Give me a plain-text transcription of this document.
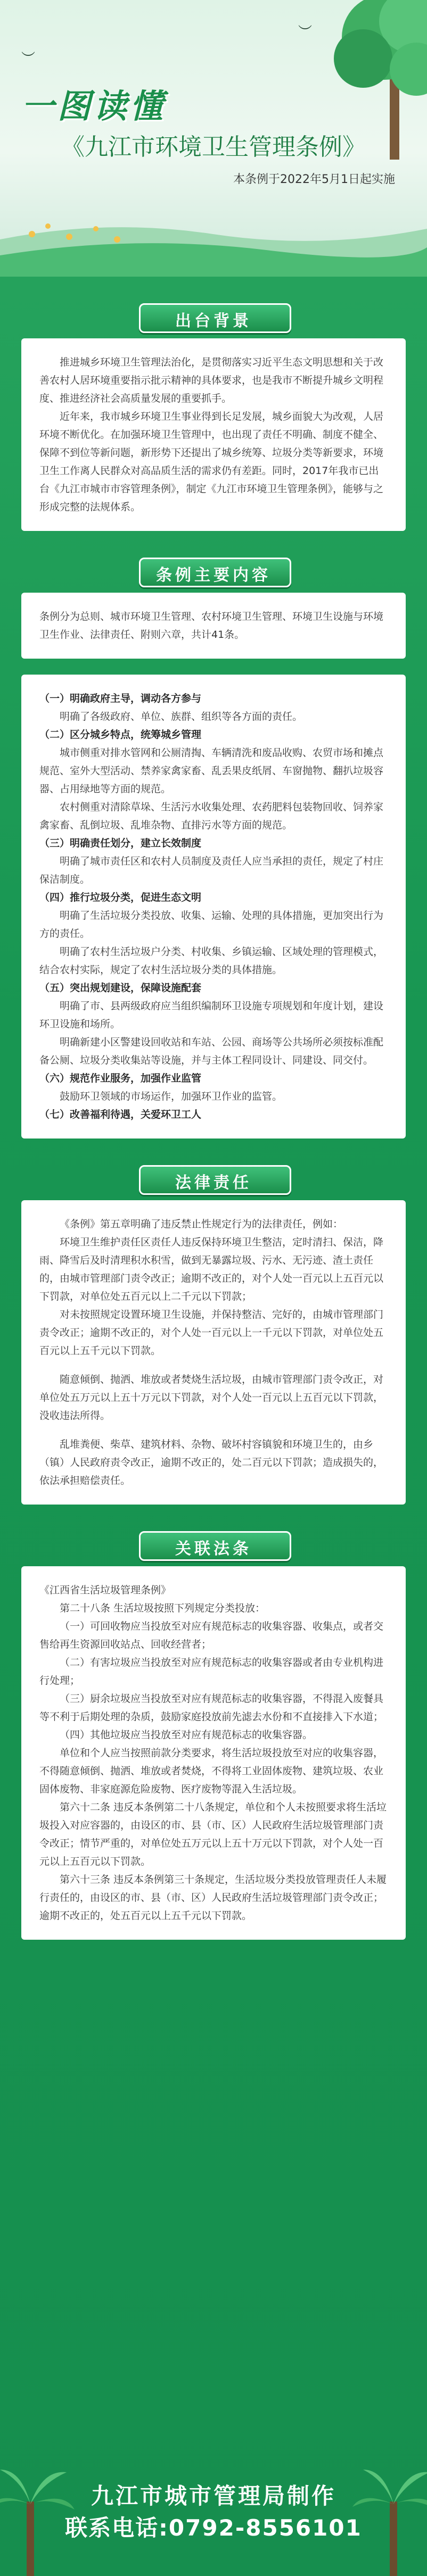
︶
︶
一图读懂
《九江市环境卫生管理条例》
本条例于2022年5月1日起实施
出台背景

推进城乡环境卫生管理法治化，是贯彻落实习近平生态文明思想和关于改善农村人居环境重要指示批示精神的具体要求，也是我市不断提升城乡文明程度、推进经济社会高质量发展的重要抓手。

近年来，我市城乡环境卫生事业得到长足发展，城乡面貌大为改观，人居环境不断优化。在加强环境卫生管理中，也出现了责任不明确、制度不健全、保障不到位等新问题，新形势下还提出了城乡统筹、垃圾分类等新要求，环境卫生工作离人民群众对高品质生活的需求仍有差距。同时，2017年我市已出台《九江市城市市容管理条例》，制定《九江市环境卫生管理条例》，能够与之形成完整的法规体系。

条例主要内容

条例分为总则、城市环境卫生管理、农村环境卫生管理、环境卫生设施与环境卫生作业、法律责任、附则六章，共计41条。

（一）明确政府主导，调动各方参与

明确了各级政府、单位、族群、组织等各方面的责任。

（二）区分城乡特点，统筹城乡管理

城市侧重对排水管网和公厕清掏、车辆清洗和废品收购、农贸市场和摊点规范、室外大型活动、禁养家禽家畜、乱丢果皮纸屑、车窗抛物、翻扒垃圾容器、占用绿地等方面的规范。

农村侧重对清除草垛、生活污水收集处理、农药肥料包装物回收、饲养家禽家畜、乱倒垃圾、乱堆杂物、直排污水等方面的规范。

（三）明确责任划分，建立长效制度

明确了城市责任区和农村人员制度及责任人应当承担的责任，规定了村庄保洁制度。

（四）推行垃圾分类，促进生态文明

明确了生活垃圾分类投放、收集、运输、处理的具体措施，更加突出行为方的责任。

明确了农村生活垃圾户分类、村收集、乡镇运输、区域处理的管理模式，结合农村实际，规定了农村生活垃圾分类的具体措施。

（五）突出规划建设，保障设施配套

明确了市、县两级政府应当组织编制环卫设施专项规划和年度计划，建设环卫设施和场所。

明确新建小区警建设回收站和车站、公园、商场等公共场所必须按标准配备公厕、垃圾分类收集站等设施，并与主体工程同设计、同建设、同交付。

（六）规范作业服务，加强作业监管

鼓励环卫领域的市场运作，加强环卫作业的监管。

（七）改善福利待遇，关爱环卫工人

法律责任

《条例》第五章明确了违反禁止性规定行为的法律责任，例如：

环境卫生维护责任区责任人违反保持环境卫生整洁，定时清扫、保洁，降雨、降雪后及时清理积水积雪，做到无暴露垃圾、污水、无污迹、渣土责任的，由城市管理部门责令改正；逾期不改正的，对个人处一百元以上五百元以下罚款，对单位处五百元以上二千元以下罚款；

对未按照规定设置环境卫生设施，并保持整洁、完好的，由城市管理部门责令改正；逾期不改正的，对个人处一百元以上一千元以下罚款，对单位处五百元以上五千元以下罚款。

随意倾倒、抛洒、堆放或者焚烧生活垃圾，由城市管理部门责令改正，对单位处五万元以上五十万元以下罚款，对个人处一百元以上五百元以下罚款，没收违法所得。

乱堆粪便、柴草、建筑材料、杂物、破坏村容镇貌和环境卫生的，由乡（镇）人民政府责令改正，逾期不改正的，处二百元以下罚款；造成损失的，依法承担赔偿责任。

关联法条

《江西省生活垃圾管理条例》

第二十八条 生活垃圾按照下列规定分类投放：

（一）可回收物应当投放至对应有规范标志的收集容器、收集点，或者交售给再生资源回收站点、回收经营者；

（二）有害垃圾应当投放至对应有规范标志的收集容器或者由专业机构进行处理；

（三）厨余垃圾应当投放至对应有规范标志的收集容器，不得混入废餐具等不利于后期处理的杂质，鼓励家庭投放前先滤去水份和不直接排入下水道；

（四）其他垃圾应当投放至对应有规范标志的收集容器。

单位和个人应当按照前款分类要求，将生活垃圾投放至对应的收集容器，不得随意倾倒、抛洒、堆放或者焚烧，不得将工业固体废物、建筑垃圾、农业固体废物、非家庭源危险废物、医疗废物等混入生活垃圾。

第六十二条 违反本条例第二十八条规定，单位和个人未按照要求将生活垃圾投入对应容器的，由设区的市、县（市、区）人民政府生活垃圾管理部门责令改正；情节严重的，对单位处五万元以上五十万元以下罚款，对个人处一百元以上五百元以下罚款。

第六十三条 违反本条例第三十条规定，生活垃圾分类投放管理责任人未履行责任的，由设区的市、县（市、区）人民政府生活垃圾管理部门责令改正；逾期不改正的，处五百元以上五千元以下罚款。

九江市城市管理局制作
联系电话:0792-8556101
